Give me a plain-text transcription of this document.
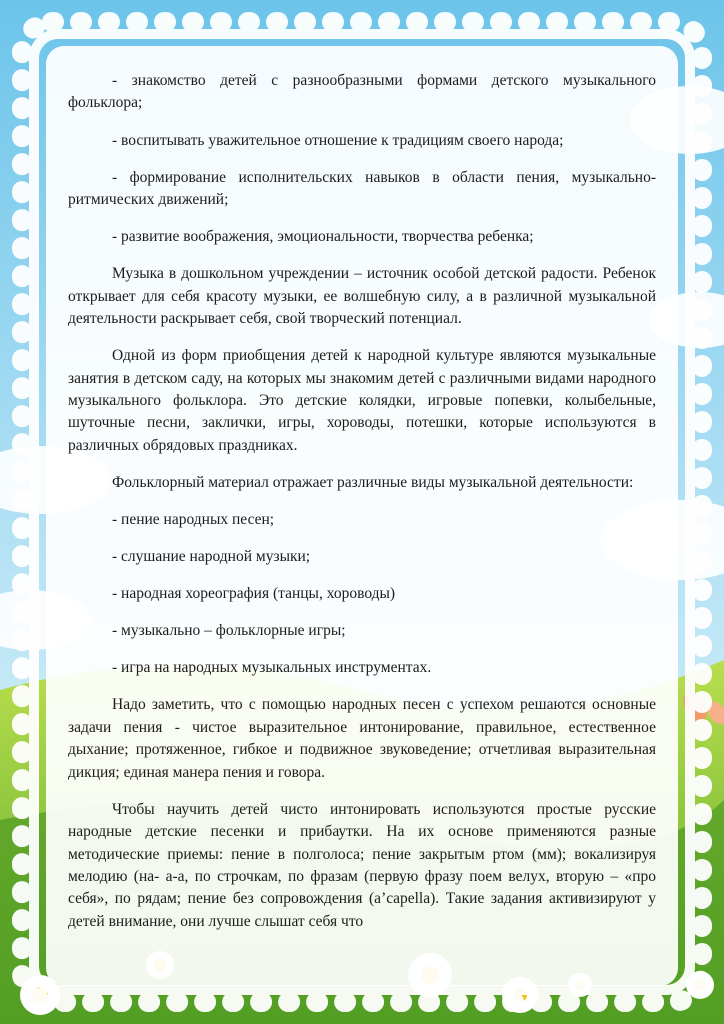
- знакомство детей с разнообразными формами детского музыкального фольклора;

- воспитывать уважительное отношение к традициям своего народа;

- формирование исполнительских навыков в области пения, музыкально-ритмических движений;

- развитие воображения, эмоциональности, творчества ребенка;

Музыка в дошкольном учреждении – источник особой детской радости. Ребенок открывает для себя красоту музыки, ее волшебную силу, а в различной музыкальной деятельности раскрывает себя, свой творческий потенциал.

Одной из форм приобщения детей к народной культуре являются музыкальные занятия в детском саду, на которых мы знакомим детей с различными видами народного музыкального фольклора. Это детские колядки, игровые попевки, колыбельные, шуточные песни, заклички, игры, хороводы, потешки, которые используются в различных обрядовых праздниках.

Фольклорный материал отражает различные виды музыкальной деятельности:

- пение народных песен;

- слушание народной музыки;

- народная хореография (танцы, хороводы)

- музыкально – фольклорные игры;

- игра на народных музыкальных инструментах.

Надо заметить, что с помощью народных песен с успехом решаются основные задачи пения - чистое выразительное интонирование, правильное, естественное дыхание; протяженное, гибкое и подвижное звуковедение; отчетливая выразительная дикция; единая манера пения и говора.

Чтобы научить детей чисто интонировать используются простые русские народные детские песенки и прибаутки. На их основе применяются разные методические приемы: пение в полголоса; пение закрытым ртом (мм); вокализируя мелодию (на- а-а, по строчкам, по фразам (первую фразу поем велух, вторую – «про себя», по рядам; пение без сопровождения (а’capella). Такие задания активизируют у детей внимание, они лучше слышат себя что
